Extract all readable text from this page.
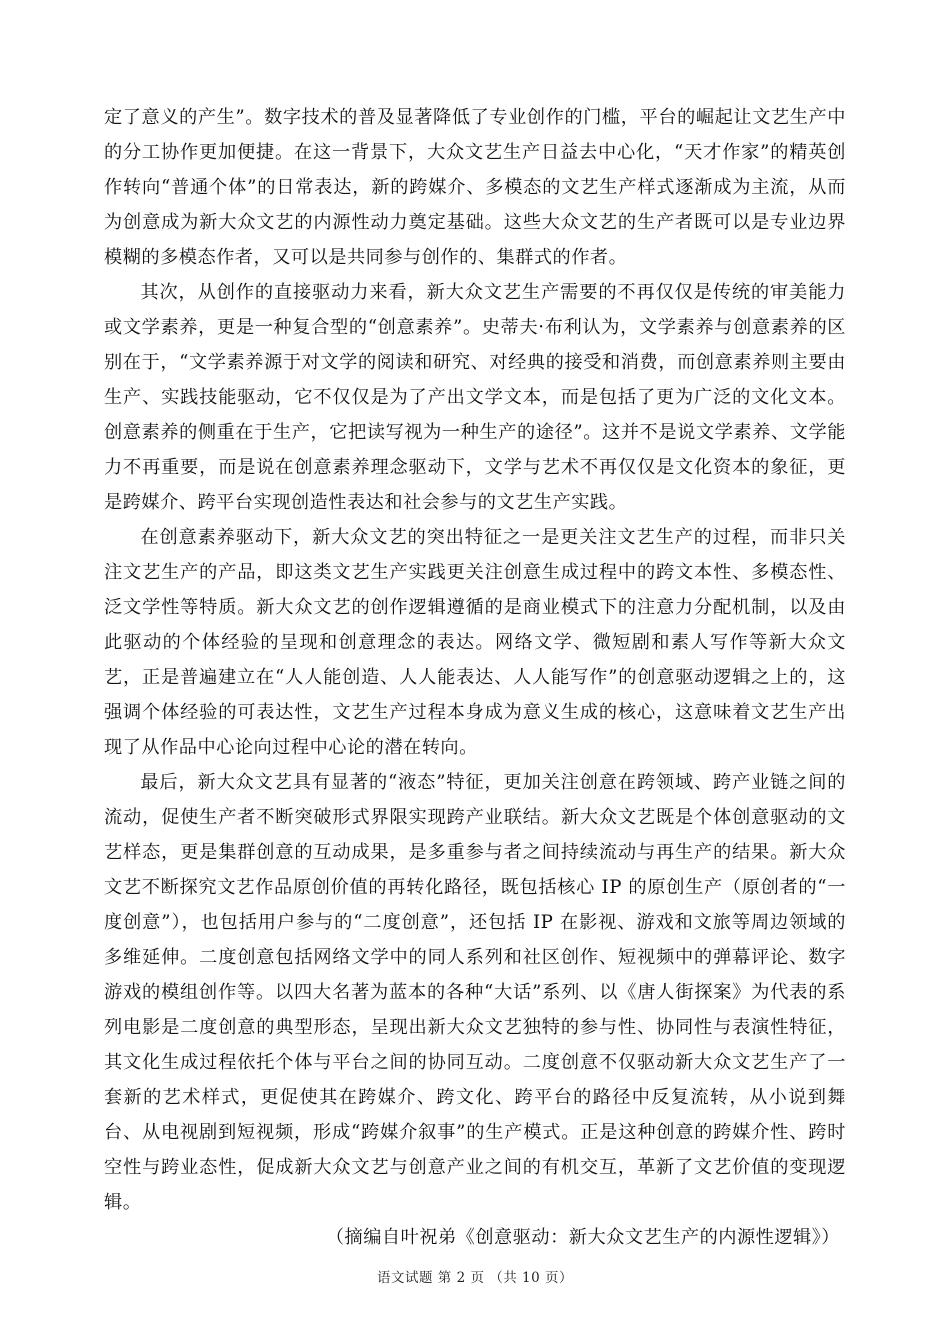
定了意义的产生”。数字技术的普及显著降低了专业创作的门槛，平台的崛起让文艺生产中的分工协作更加便捷。在这一背景下，大众文艺生产日益去中心化，“天才作家”的精英创作转向“普通个体”的日常表达，新的跨媒介、多模态的文艺生产样式逐渐成为主流，从而为创意成为新大众文艺的内源性动力奠定基础。这些大众文艺的生产者既可以是专业边界模糊的多模态作者，又可以是共同参与创作的、集群式的作者。

其次，从创作的直接驱动力来看，新大众文艺生产需要的不再仅仅是传统的审美能力或文学素养，更是一种复合型的“创意素养”。史蒂夫·布利认为，文学素养与创意素养的区别在于，“文学素养源于对文学的阅读和研究、对经典的接受和消费，而创意素养则主要由生产、实践技能驱动，它不仅仅是为了产出文学文本，而是包括了更为广泛的文化文本。创意素养的侧重在于生产，它把读写视为一种生产的途径”。这并不是说文学素养、文学能力不再重要，而是说在创意素养理念驱动下，文学与艺术不再仅仅是文化资本的象征，更是跨媒介、跨平台实现创造性表达和社会参与的文艺生产实践。

在创意素养驱动下，新大众文艺的突出特征之一是更关注文艺生产的过程，而非只关注文艺生产的产品，即这类文艺生产实践更关注创意生成过程中的跨文本性、多模态性、泛文学性等特质。新大众文艺的创作逻辑遵循的是商业模式下的注意力分配机制，以及由此驱动的个体经验的呈现和创意理念的表达。网络文学、微短剧和素人写作等新大众文艺，正是普遍建立在“人人能创造、人人能表达、人人能写作”的创意驱动逻辑之上的，这强调个体经验的可表达性，文艺生产过程本身成为意义生成的核心，这意味着文艺生产出现了从作品中心论向过程中心论的潜在转向。

最后，新大众文艺具有显著的“液态”特征，更加关注创意在跨领域、跨产业链之间的流动，促使生产者不断突破形式界限实现跨产业联结。新大众文艺既是个体创意驱动的文艺样态，更是集群创意的互动成果，是多重参与者之间持续流动与再生产的结果。新大众文艺不断探究文艺作品原创价值的再转化路径，既包括核心 IP 的原创生产（原创者的“一度创意”），也包括用户参与的“二度创意”，还包括 IP 在影视、游戏和文旅等周边领域的多维延伸。二度创意包括网络文学中的同人系列和社区创作、短视频中的弹幕评论、数字游戏的模组创作等。以四大名著为蓝本的各种“大话”系列、以《唐人街探案》为代表的系列电影是二度创意的典型形态，呈现出新大众文艺独特的参与性、协同性与表演性特征，其文化生成过程依托个体与平台之间的协同互动。二度创意不仅驱动新大众文艺生产了一套新的艺术样式，更促使其在跨媒介、跨文化、跨平台的路径中反复流转，从小说到舞台、从电视剧到短视频，形成“跨媒介叙事”的生产模式。正是这种创意的跨媒介性、跨时空性与跨业态性，促成新大众文艺与创意产业之间的有机交互，革新了文艺价值的变现逻辑。

（摘编自叶祝弟《创意驱动：新大众文艺生产的内源性逻辑》）

语文试题 第 2 页 （共 10 页）
